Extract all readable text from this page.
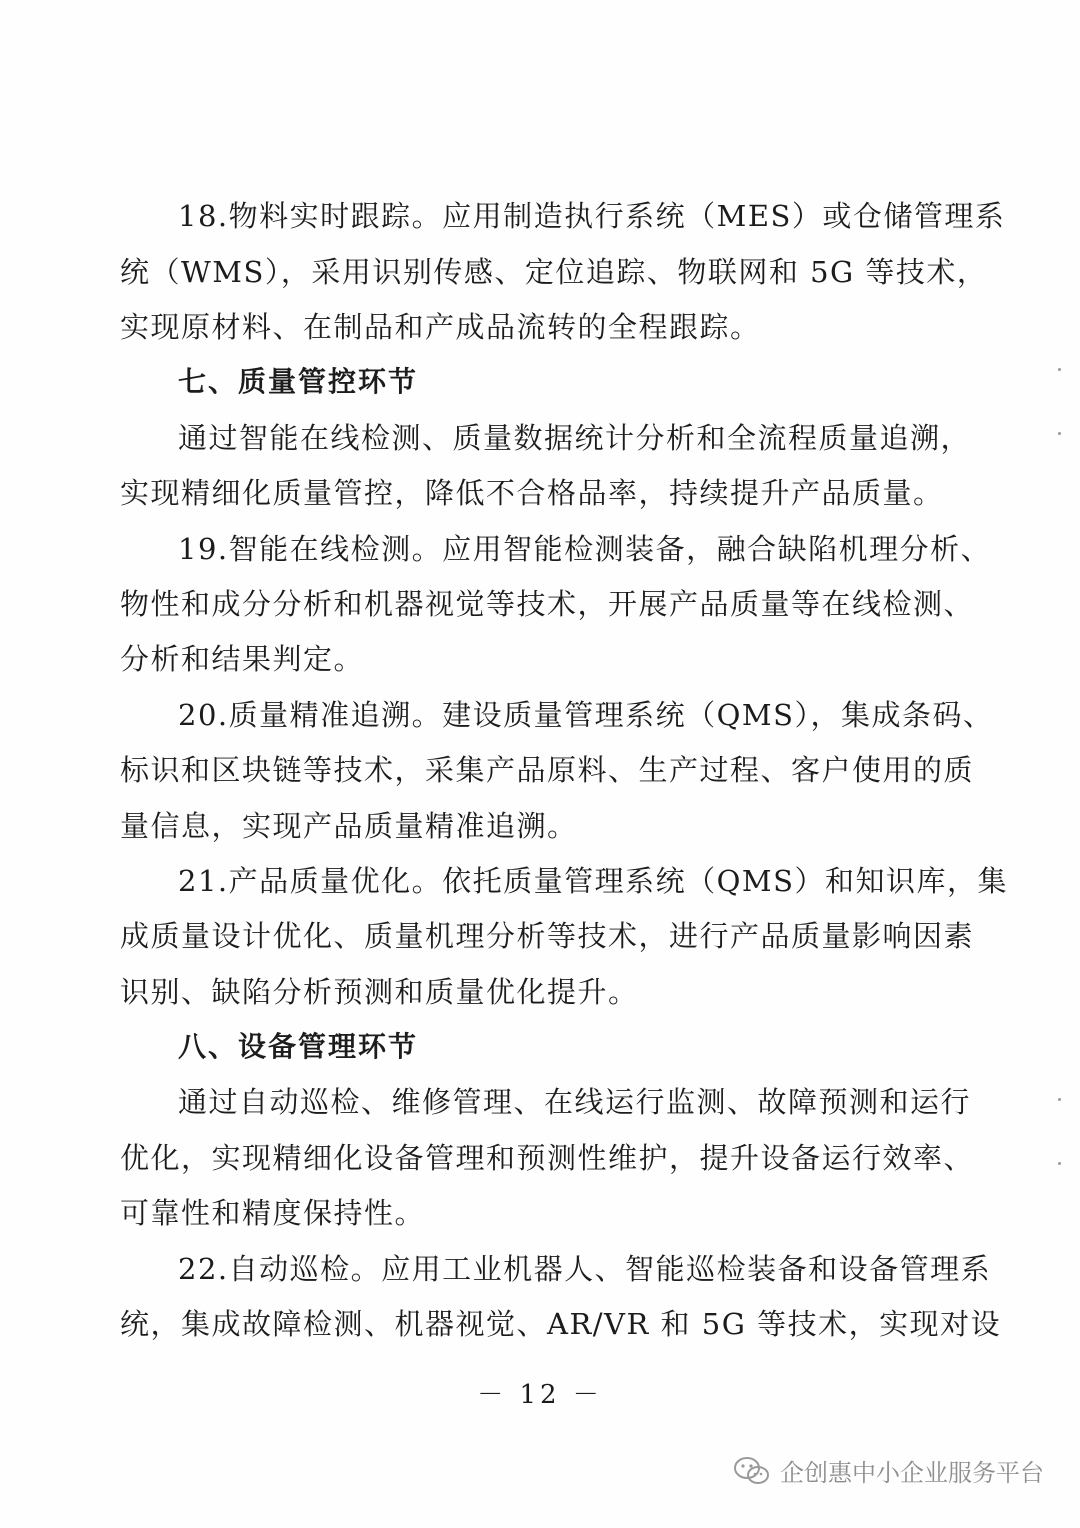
18.物料实时跟踪。应用制造执行系统（MES）或仓储管理系
统（WMS），采用识别传感、定位追踪、物联网和 5G 等技术，
实现原材料、在制品和产成品流转的全程跟踪。
七、质量管控环节
通过智能在线检测、质量数据统计分析和全流程质量追溯，
实现精细化质量管控，降低不合格品率，持续提升产品质量。
19.智能在线检测。应用智能检测装备，融合缺陷机理分析、
物性和成分分析和机器视觉等技术，开展产品质量等在线检测、
分析和结果判定。
20.质量精准追溯。建设质量管理系统（QMS），集成条码、
标识和区块链等技术，采集产品原料、生产过程、客户使用的质
量信息，实现产品质量精准追溯。
21.产品质量优化。依托质量管理系统（QMS）和知识库，集
成质量设计优化、质量机理分析等技术，进行产品质量影响因素
识别、缺陷分析预测和质量优化提升。
八、设备管理环节
通过自动巡检、维修管理、在线运行监测、故障预测和运行
优化，实现精细化设备管理和预测性维护，提升设备运行效率、
可靠性和精度保持性。
22.自动巡检。应用工业机器人、智能巡检装备和设备管理系
统，集成故障检测、机器视觉、AR/VR 和 5G 等技术，实现对设
－ 12 －
企创惠中小企业服务平台
